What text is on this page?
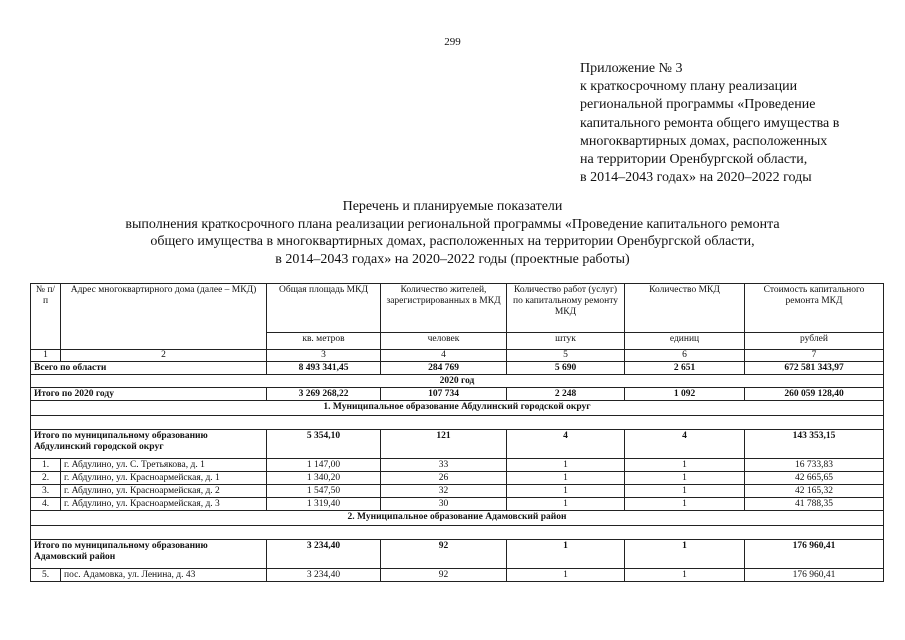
299
Приложение № 3
к краткосрочному плану реализации
региональной программы «Проведение
капитального ремонта общего имущества в
многоквартирных домах, расположенных
на территории Оренбургской области,
в 2014–2043 годах» на 2020–2022 годы
Перечень и планируемые показатели
выполнения краткосрочного плана реализации региональной программы «Проведение капитального ремонта
общего имущества в многоквартирных домах, расположенных на территории Оренбургской области,
в 2014–2043 годах» на 2020–2022 годы (проектные работы)
№ п/п	Адрес многоквартирного дома (далее – МКД)	Общая площадь МКД	Количество жителей, зарегистрированных в МКД	Количество работ (услуг) по капитальному ремонту МКД	Количество МКД	Стоимость капитального ремонта МКД
		кв. метров	человек	штук	единиц	рублей
1	2	3	4	5	6	7
Всего по области		8 493 341,45	284 769	5 690	2 651	672 581 343,97
2020 год						
Итого по 2020 году		3 269 268,22	107 734	2 248	1 092	260 059 128,40
1. Муниципальное образование Абдулинский городской округ						

Итого по муниципальному образованию
Абдулинский городской округ		5 354,10	121	4	4	143 353,15
1.	г. Абдулино, ул. С. Третьякова, д. 1	1 147,00	33	1	1	16 733,83
2.	г. Абдулино, ул. Красноармейская, д. 1	1 340,20	26	1	1	42 665,65
3.	г. Абдулино, ул. Красноармейская, д. 2	1 547,50	32	1	1	42 165,32
4.	г. Абдулино, ул. Красноармейская, д. 3	1 319,40	30	1	1	41 788,35
2. Муниципальное образование Адамовский район						

Итого по муниципальному образованию
Адамовский район		3 234,40	92	1	1	176 960,41
5.	пос. Адамовка, ул. Ленина, д. 43	3 234,40	92	1	1	176 960,41
